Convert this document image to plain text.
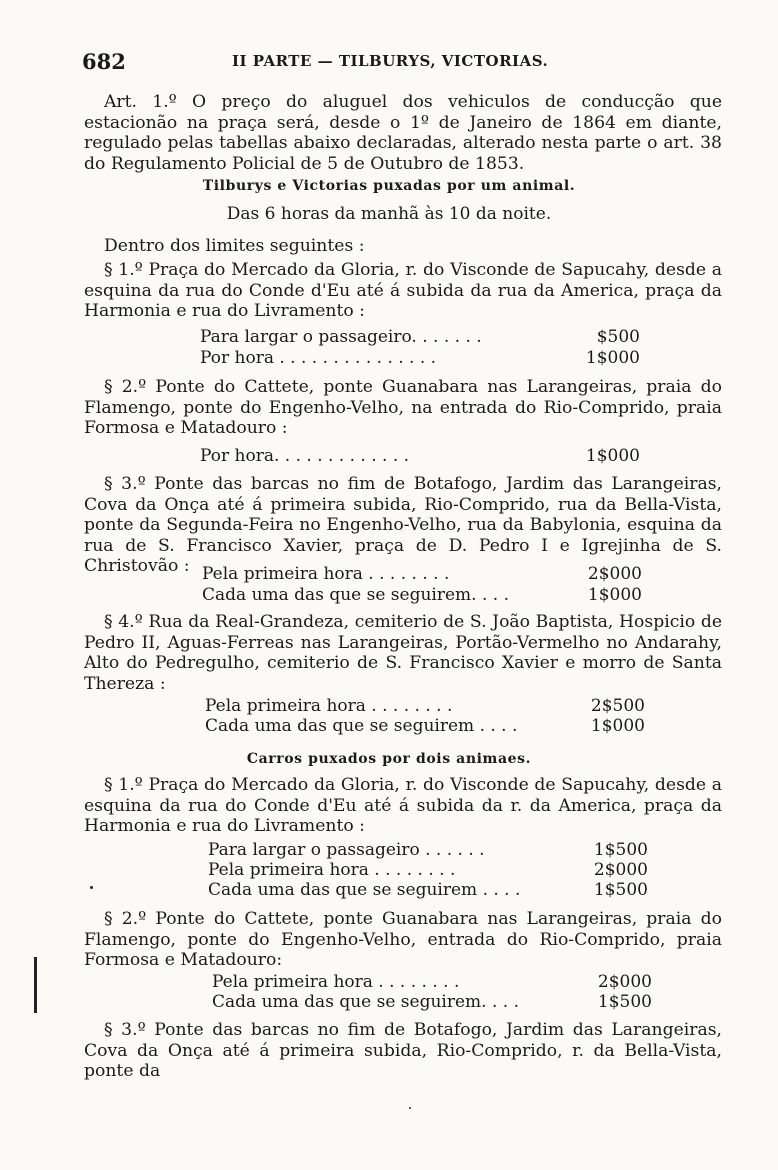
682	II PARTE — TILBURYS, VICTORIAS.

Art. 1.º O preço do aluguel dos vehiculos de conducção que estacionão na praça será, desde o 1º de Janeiro de 1864 em diante, regulado pelas tabellas abaixo declaradas, alterado nesta parte o art. 38 do Regulamento Policial de 5 de Outubro de 1853.

Tilburys e Victorias puxadas por um animal.
Das 6 horas da manhã às 10 da noite.
Dentro dos limites seguintes :

§ 1.º Praça do Mercado da Gloria, r. do Visconde de Sapucahy, desde a esquina da rua do Conde d'Eu até á subida da rua da America, praça da Harmonia e rua do Livramento :

Para largar o passageiro. . . . . . .	$500
Por hora . . . . . . . . . . . . . . .	1$000

§ 2.º Ponte do Cattete, ponte Guanabara nas Larangeiras, praia do Flamengo, ponte do Engenho-Velho, na entrada do Rio-Comprido, praia Formosa e Matadouro :

Por hora. . . . . . . . . . . . .	1$000

§ 3.º Ponte das barcas no fim de Botafogo, Jardim das Larangeiras, Cova da Onça até á primeira subida, Rio-Comprido, rua da Bella-Vista, ponte da Segunda-Feira no Engenho-Velho, rua da Babylonia, esquina da rua de S. Francisco Xavier, praça de D. Pedro I e Igrejinha de S. Christovão : Pela primeira hora . . . . . . . .	2$000
Cada uma das que se seguirem. . . .	1$000

§ 4.º Rua da Real-Grandeza, cemiterio de S. João Baptista, Hospicio de Pedro II, Aguas-Ferreas nas Larangeiras, Portão-Vermelho no Andarahy, Alto do Pedregulho, cemiterio de S. Francisco Xavier e morro de Santa Thereza :

Pela primeira hora . . . . . . . .	2$500
Cada uma das que se seguirem . . . .	1$000
Carros puxados por dois animaes.

§ 1.º Praça do Mercado da Gloria, r. do Visconde de Sapucahy, desde a esquina da rua do Conde d'Eu até á subida da r. da America, praça da Harmonia e rua do Livramento :

Para largar o passageiro . . . . . .	1$500
Pela primeira hora . . . . . . . .	2$000
Cada uma das que se seguirem . . . .	1$500

§ 2.º Ponte do Cattete, ponte Guanabara nas Larangeiras, praia do Flamengo, ponte do Engenho-Velho, entrada do Rio-Comprido, praia Formosa e Matadouro:

Pela primeira hora . . . . . . . .	2$000
Cada uma das que se seguirem. . . .	1$500

§ 3.º Ponte das barcas no fim de Botafogo, Jardim das Larangeiras, Cova da Onça até á primeira subida, Rio-Comprido, r. da Bella-Vista, ponte da
